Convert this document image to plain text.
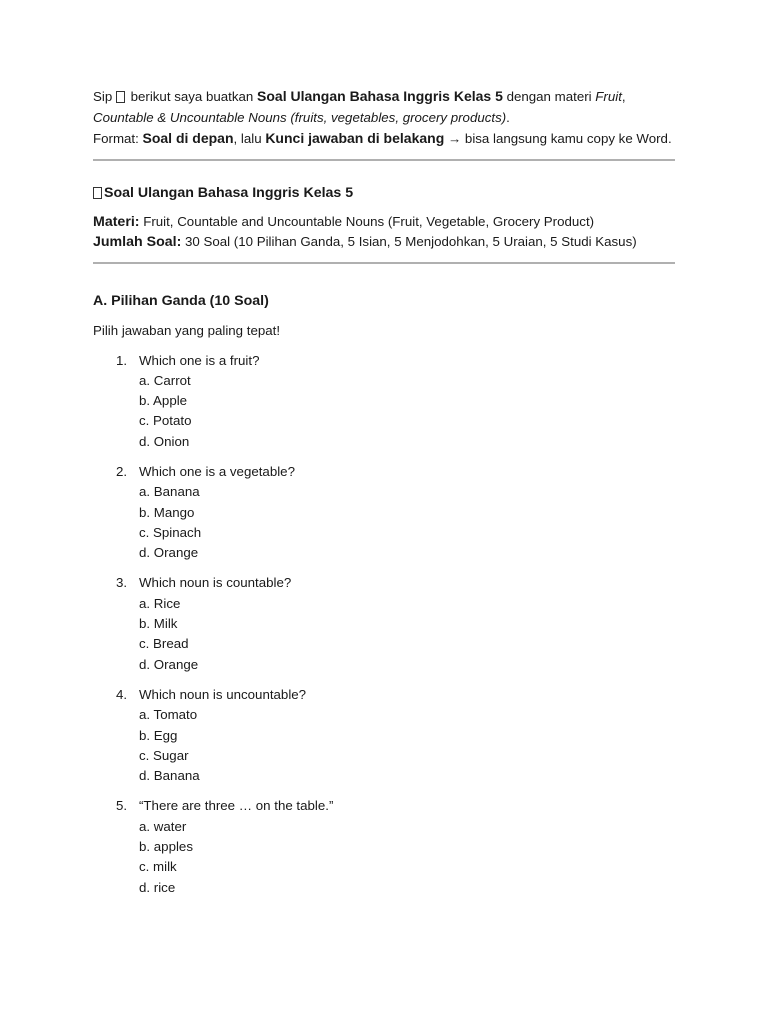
Sip  berikut saya buatkan Soal Ulangan Bahasa Inggris Kelas 5 dengan materi Fruit,
Countable & Uncountable Nouns (fruits, vegetables, grocery products).
Format: Soal di depan, lalu Kunci jawaban di belakang → bisa langsung kamu copy ke Word.
Soal Ulangan Bahasa Inggris Kelas 5
Materi: Fruit, Countable and Uncountable Nouns (Fruit, Vegetable, Grocery Product)
Jumlah Soal: 30 Soal (10 Pilihan Ganda, 5 Isian, 5 Menjodohkan, 5 Uraian, 5 Studi Kasus)
A. Pilihan Ganda (10 Soal)
Pilih jawaban yang paling tepat!
1. Which one is a fruit?
a. Carrot
b. Apple
c. Potato
d. Onion
2. Which one is a vegetable?
a. Banana
b. Mango
c. Spinach
d. Orange
3. Which noun is countable?
a. Rice
b. Milk
c. Bread
d. Orange
4. Which noun is uncountable?
a. Tomato
b. Egg
c. Sugar
d. Banana
5. “There are three … on the table.”
a. water
b. apples
c. milk
d. rice
